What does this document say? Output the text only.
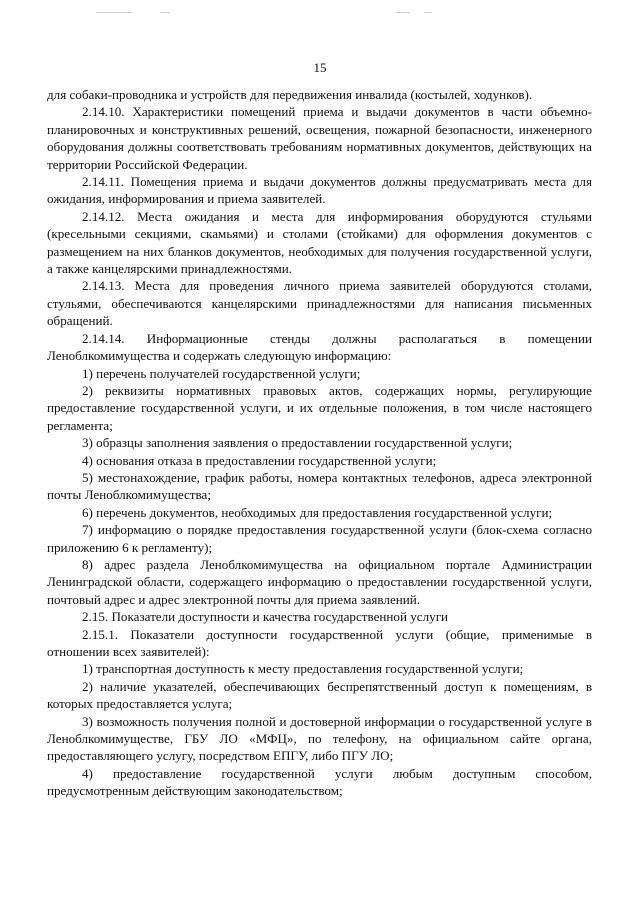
15

для собаки-проводника и устройств для передвижения инвалида (костылей, ходунков).

2.14.10. Характеристики помещений приема и выдачи документов в части объемно-планировочных и конструктивных решений, освещения, пожарной безопасности, инженерного оборудования должны соответствовать требованиям нормативных документов, действующих на территории Российской Федерации.

2.14.11. Помещения приема и выдачи документов должны предусматривать места для ожидания, информирования и приема заявителей.

2.14.12. Места ожидания и места для информирования оборудуются стульями (кресельными секциями, скамьями) и столами (стойками) для оформления документов с размещением на них бланков документов, необходимых для получения государственной услуги, а также канцелярскими принадлежностями.

2.14.13. Места для проведения личного приема заявителей оборудуются столами, стульями, обеспечиваются канцелярскими принадлежностями для написания письменных обращений.

2.14.14. Информационные стенды должны располагаться в помещении Леноблкомимущества и содержать следующую информацию:

1) перечень получателей государственной услуги;

2) реквизиты нормативных правовых актов, содержащих нормы, регулирующие предоставление государственной услуги, и их отдельные положения, в том числе настоящего регламента;

3) образцы заполнения заявления о предоставлении государственной услуги;

4) основания отказа в предоставлении государственной услуги;

5) местонахождение, график работы, номера контактных телефонов, адреса электронной почты Леноблкомимущества;

6) перечень документов, необходимых для предоставления государственной услуги;

7) информацию о порядке предоставления государственной услуги (блок-схема согласно приложению 6 к регламенту);

8) адрес раздела Леноблкомимущества на официальном портале Администрации Ленинградской области, содержащего информацию о предоставлении государственной услуги, почтовый адрес и адрес электронной почты для приема заявлений.

2.15. Показатели доступности и качества государственной услуги

2.15.1. Показатели доступности государственной услуги (общие, применимые в отношении всех заявителей):

1) транспортная доступность к месту предоставления государственной услуги;

2) наличие указателей, обеспечивающих беспрепятственный доступ к помещениям, в которых предоставляется услуга;

3) возможность получения полной и достоверной информации о государственной услуге в Леноблкомимуществе, ГБУ ЛО «МФЦ», по телефону, на официальном сайте органа, предоставляющего услугу, посредством ЕПГУ, либо ПГУ ЛО;

4) предоставление государственной услуги любым доступным способом, предусмотренным действующим законодательством;
